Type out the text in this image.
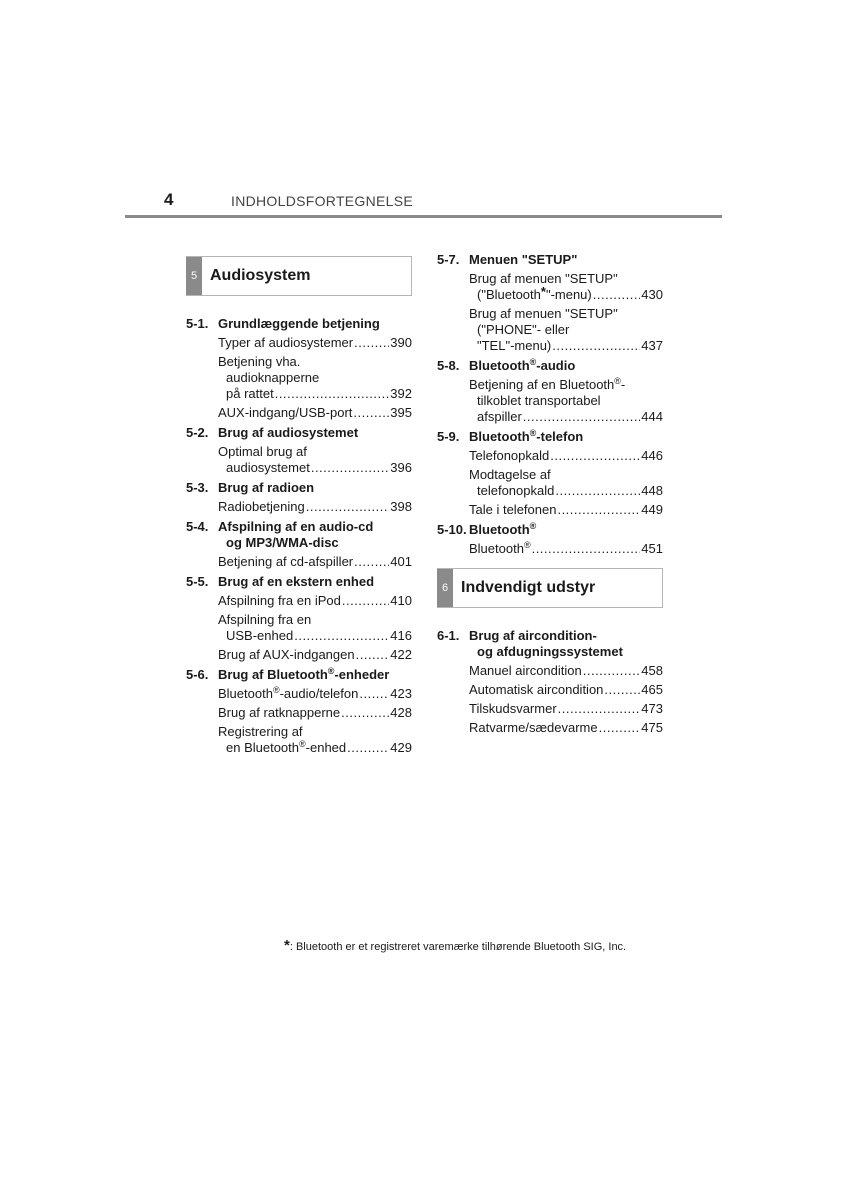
4	INDHOLDSFORTEGNELSE
5 Audiosystem
5-1. Grundlæggende betjening
Typer af audiosystemer .....	390
Betjening vha.
audioknapperne
på rattet .....	392
AUX-indgang/USB-port .....	395
5-2. Brug af audiosystemet
Optimal brug af
audiosystemet .....	396
5-3. Brug af radioen
Radiobetjening .....	398
5-4. Afspilning af en audio-cd
og MP3/WMA-disc
Betjening af cd-afspiller .....	401
5-5. Brug af en ekstern enhed
Afspilning fra en iPod .....	410
Afspilning fra en
USB-enhed .....	416
Brug af AUX-indgangen .....	422
5-6. Brug af Bluetooth®-enheder
Bluetooth®-audio/telefon ..... 423
Brug af ratknapperne .....	428
Registrering af
en Bluetooth®-enhed .....	429
5-7. Menuen "SETUP"
Brug af menuen "SETUP"
("Bluetooth*"-menu) .....	430
Brug af menuen "SETUP"
("PHONE"- eller
"TEL"-menu) .....	437
5-8. Bluetooth®-audio
Betjening af en Bluetooth®-
tilkoblet transportabel
afspiller .....	444
5-9. Bluetooth®-telefon
Telefonopkald .....	446
Modtagelse af
telefonopkald .....	448
Tale i telefonen .....	449
5-10. Bluetooth®
Bluetooth® .....	451
6 Indvendigt udstyr
6-1. Brug af aircondition-
og afdugningssystemet
Manuel aircondition .....	458
Automatisk aircondition .....	465
Tilskudsvarmer .....	473
Ratvarme/sædevarme .....	475
*: Bluetooth er et registreret varemærke tilhørende Bluetooth SIG, Inc.
